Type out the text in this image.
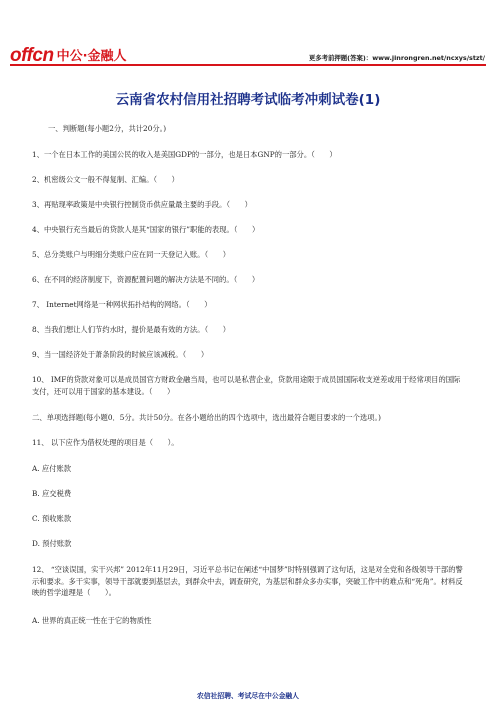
offcn 中公·金融人	更多考前押题(答案)：www.jinrongren.net/ncxys/stzt/
云南省农村信用社招聘考试临考冲刺试卷(1)
一、判断题(每小题2分，共计20分。)
1、一个在日本工作的美国公民的收入是美国GDP的一部分，也是日本GNP的一部分。（　　）
2、机密级公文一般不得复制、汇编。（　　）
3、再贴现率政策是中央银行控制货币供应量最主要的手段。（　　）
4、中央银行充当最后的贷款人是其“国家的银行”职能的表现。（　　）
5、总分类账户与明细分类账户应在同一天登记入账。（　　）
6、在不同的经济制度下，资源配置问题的解决方法是不同的。（　　）
7、 Internet网络是一种网状拓扑结构的网络。（　　）
8、当我们想让人们节约水时，提价是最有效的方法。（　　）
9、当一国经济处于萧条阶段的时候应该减税。（　　）
10、 IMF的贷款对象可以是成员国官方财政金融当局，也可以是私营企业，贷款用途限于成员国国际收支逆差或用于经常项目的国际支付，还可以用于国家的基本建设。（　　）
二、单项选择题(每小题0．5分。共计50分。在各小题给出的四个选项中，选出最符合题目要求的一个选项。)
11、 以下应作为借权处理的项目是（　　）。
A. 应付账款
B. 应交税费
C. 预收账款
D. 预付账款
12、 “空谈误国，实干兴邦” 2012年11月29日，习近平总书记在阐述“中国梦”时特别强调了这句话，这是对全党和各级领导干部的警示和要求。多干实事，领导干部就要到基层去，到群众中去，调查研究，为基层和群众多办实事，突破工作中的难点和“死角”。材料反映的哲学道理是（　　）。
A. 世界的真正统一性在于它的物质性
农信社招聘、考试尽在中公金融人
